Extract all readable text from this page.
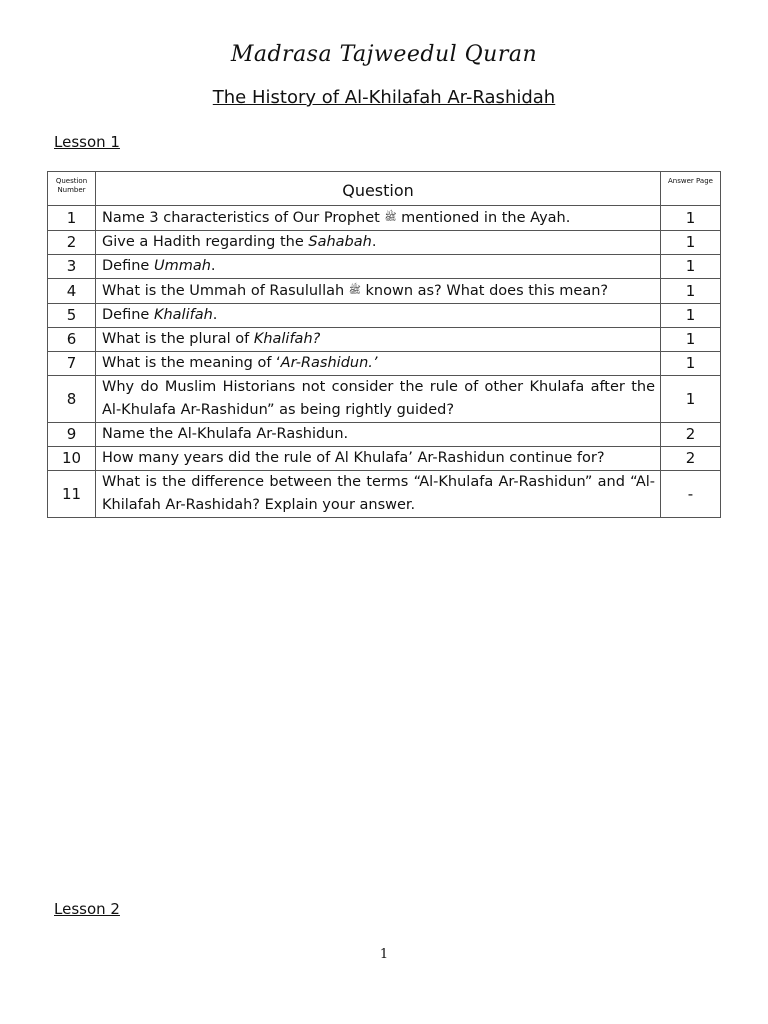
Madrasa Tajweedul Quran
The History of Al-Khilafah Ar-Rashidah
Lesson 1
Question Number	Question	Answer Page
1	Name 3 characteristics of Our Prophet ﷺ mentioned in the Ayah.	1
2	Give a Hadith regarding the Sahabah.	1
3	Define Ummah.	1
4	What is the Ummah of Rasulullah ﷺ known as? What does this mean?	1
5	Define Khalifah.	1
6	What is the plural of Khalifah?	1
7	What is the meaning of ‘Ar-Rashidun.’	1
8	Why do Muslim Historians not consider the rule of other Khulafa after the Al-Khulafa Ar-Rashidun” as being rightly guided?	1
9	Name the Al-Khulafa Ar-Rashidun.	2
10	How many years did the rule of Al Khulafa’ Ar-Rashidun continue for?	2
11	What is the difference between the terms “Al-Khulafa Ar-Rashidun” and “Al-Khilafah Ar-Rashidah? Explain your answer.	-
Lesson 2
1
